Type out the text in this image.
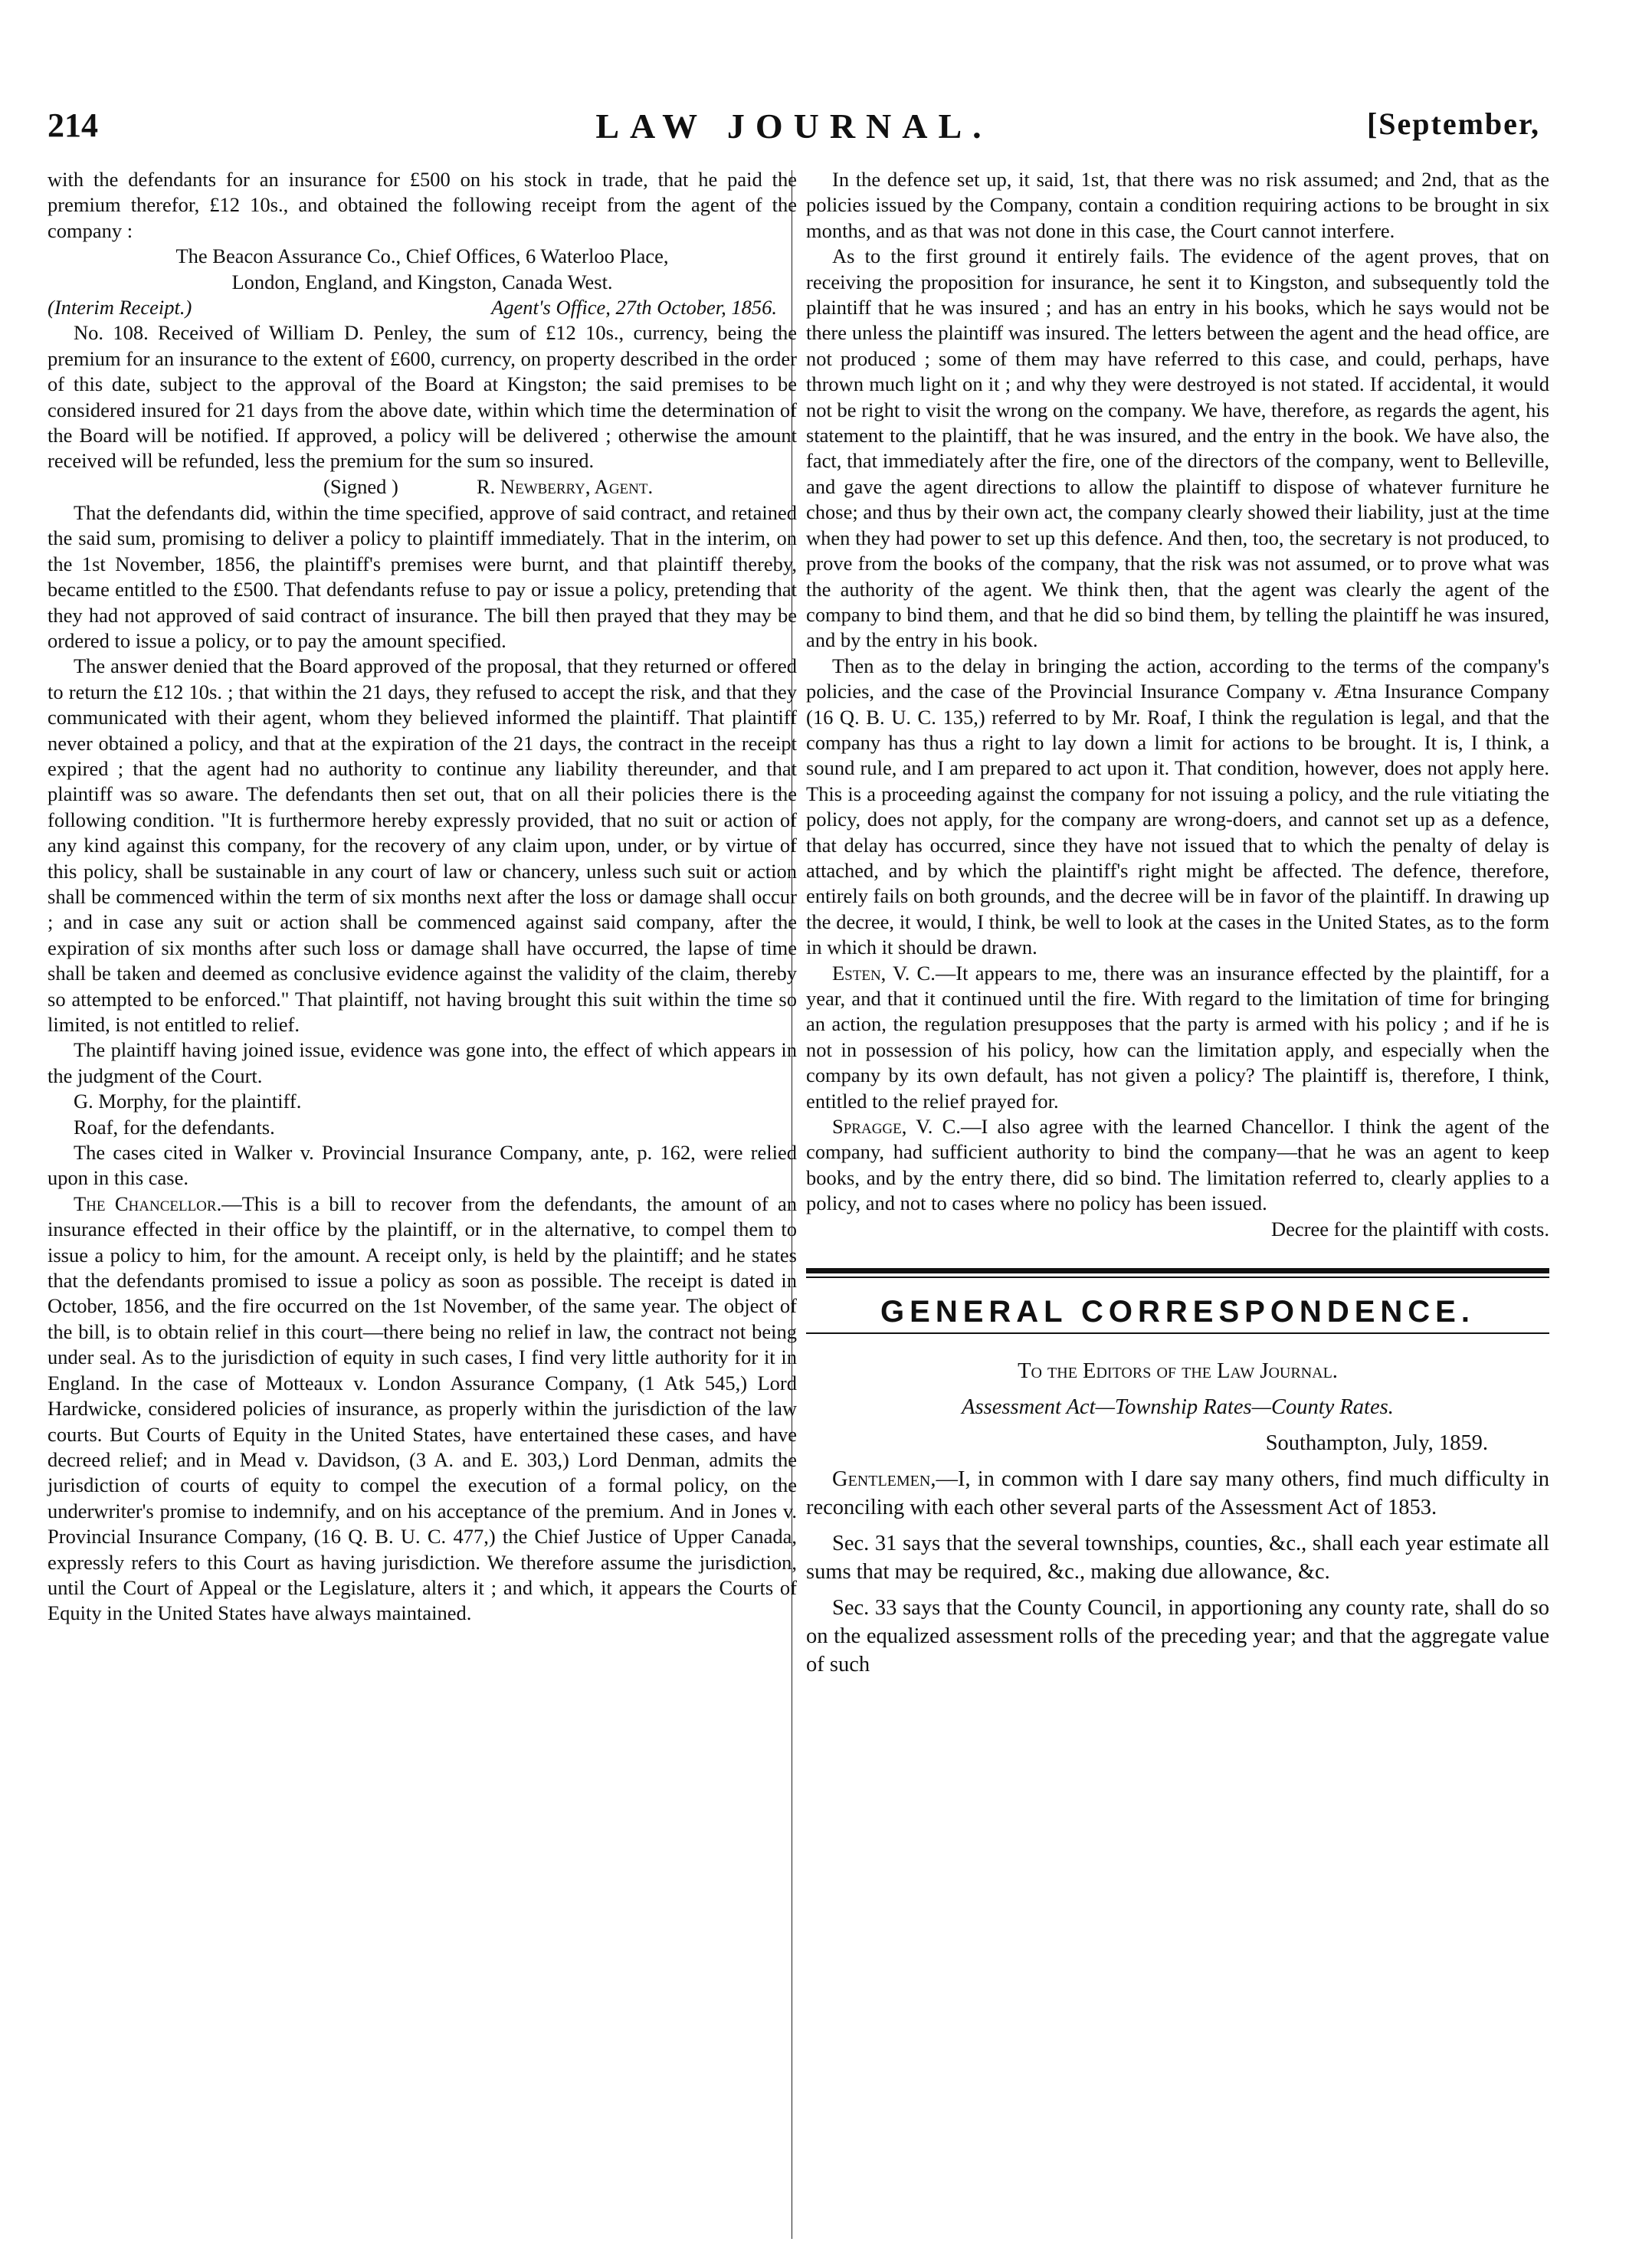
214	LAW JOURNAL.	[September,

with the defendants for an insurance for £500 on his stock in trade, that he paid the premium therefor, £12 10s., and obtained the following receipt from the agent of the company :

The Beacon Assurance Co., Chief Offices, 6 Waterloo Place,

London, England, and Kingston, Canada West.

(Interim Receipt.)	Agent's Office, 27th October, 1856.

No. 108. Received of William D. Penley, the sum of £12 10s., currency, being the premium for an insurance to the extent of £600, currency, on property described in the order of this date, subject to the approval of the Board at Kingston; the said premises to be considered insured for 21 days from the above date, within which time the determination of the Board will be notified. If approved, a policy will be delivered ; otherwise the amount received will be refunded, less the premium for the sum so insured.

(Signed )	R. Newberry, Agent.

That the defendants did, within the time specified, approve of said contract, and retained the said sum, promising to deliver a policy to plaintiff immediately. That in the interim, on the 1st November, 1856, the plaintiff's premises were burnt, and that plaintiff thereby, became entitled to the £500. That defendants refuse to pay or issue a policy, pretending that they had not approved of said contract of insurance. The bill then prayed that they may be ordered to issue a policy, or to pay the amount specified.

The answer denied that the Board approved of the proposal, that they returned or offered to return the £12 10s. ; that within the 21 days, they refused to accept the risk, and that they communicated with their agent, whom they believed informed the plaintiff. That plaintiff never obtained a policy, and that at the expiration of the 21 days, the contract in the receipt expired ; that the agent had no authority to continue any liability thereunder, and that plaintiff was so aware. The defendants then set out, that on all their policies there is the following condition. "It is furthermore hereby expressly provided, that no suit or action of any kind against this company, for the recovery of any claim upon, under, or by virtue of this policy, shall be sustainable in any court of law or chancery, unless such suit or action shall be commenced within the term of six months next after the loss or damage shall occur ; and in case any suit or action shall be commenced against said company, after the expiration of six months after such loss or damage shall have occurred, the lapse of time shall be taken and deemed as conclusive evidence against the validity of the claim, thereby so attempted to be enforced." That plaintiff, not having brought this suit within the time so limited, is not entitled to relief.

The plaintiff having joined issue, evidence was gone into, the effect of which appears in the judgment of the Court.

G. Morphy, for the plaintiff.

Roaf, for the defendants.

The cases cited in Walker v. Provincial Insurance Company, ante, p. 162, were relied upon in this case.

The Chancellor.—This is a bill to recover from the defendants, the amount of an insurance effected in their office by the plaintiff, or in the alternative, to compel them to issue a policy to him, for the amount. A receipt only, is held by the plaintiff; and he states that the defendants promised to issue a policy as soon as possible. The receipt is dated in October, 1856, and the fire occurred on the 1st November, of the same year. The object of the bill, is to obtain relief in this court—there being no relief in law, the contract not being under seal. As to the jurisdiction of equity in such cases, I find very little authority for it in England. In the case of Motteaux v. London Assurance Company, (1 Atk 545,) Lord Hardwicke, considered policies of insurance, as properly within the jurisdiction of the law courts. But Courts of Equity in the United States, have entertained these cases, and have decreed relief; and in Mead v. Davidson, (3 A. and E. 303,) Lord Denman, admits the jurisdiction of courts of equity to compel the execution of a formal policy, on the underwriter's promise to indemnify, and on his acceptance of the premium. And in Jones v. Provincial Insurance Company, (16 Q. B. U. C. 477,) the Chief Justice of Upper Canada, expressly refers to this Court as having jurisdiction. We therefore assume the jurisdiction, until the Court of Appeal or the Legislature, alters it ; and which, it appears the Courts of Equity in the United States have always maintained.

In the defence set up, it said, 1st, that there was no risk assumed; and 2nd, that as the policies issued by the Company, contain a condition requiring actions to be brought in six months, and as that was not done in this case, the Court cannot interfere.

As to the first ground it entirely fails. The evidence of the agent proves, that on receiving the proposition for insurance, he sent it to Kingston, and subsequently told the plaintiff that he was insured ; and has an entry in his books, which he says would not be there unless the plaintiff was insured. The letters between the agent and the head office, are not produced ; some of them may have referred to this case, and could, perhaps, have thrown much light on it ; and why they were destroyed is not stated. If accidental, it would not be right to visit the wrong on the company. We have, therefore, as regards the agent, his statement to the plaintiff, that he was insured, and the entry in the book. We have also, the fact, that immediately after the fire, one of the directors of the company, went to Belleville, and gave the agent directions to allow the plaintiff to dispose of whatever furniture he chose; and thus by their own act, the company clearly showed their liability, just at the time when they had power to set up this defence. And then, too, the secretary is not produced, to prove from the books of the company, that the risk was not assumed, or to prove what was the authority of the agent. We think then, that the agent was clearly the agent of the company to bind them, and that he did so bind them, by telling the plaintiff he was insured, and by the entry in his book.

Then as to the delay in bringing the action, according to the terms of the company's policies, and the case of the Provincial Insurance Company v. Ætna Insurance Company (16 Q. B. U. C. 135,) referred to by Mr. Roaf, I think the regulation is legal, and that the company has thus a right to lay down a limit for actions to be brought. It is, I think, a sound rule, and I am prepared to act upon it. That condition, however, does not apply here. This is a proceeding against the company for not issuing a policy, and the rule vitiating the policy, does not apply, for the company are wrong-doers, and cannot set up as a defence, that delay has occurred, since they have not issued that to which the penalty of delay is attached, and by which the plaintiff's right might be affected. The defence, therefore, entirely fails on both grounds, and the decree will be in favor of the plaintiff. In drawing up the decree, it would, I think, be well to look at the cases in the United States, as to the form in which it should be drawn.

Esten, V. C.—It appears to me, there was an insurance effected by the plaintiff, for a year, and that it continued until the fire. With regard to the limitation of time for bringing an action, the regulation presupposes that the party is armed with his policy ; and if he is not in possession of his policy, how can the limitation apply, and especially when the company by its own default, has not given a policy? The plaintiff is, therefore, I think, entitled to the relief prayed for.

Spragge, V. C.—I also agree with the learned Chancellor. I think the agent of the company, had sufficient authority to bind the company—that he was an agent to keep books, and by the entry there, did so bind. The limitation referred to, clearly applies to a policy, and not to cases where no policy has been issued.

Decree for the plaintiff with costs.

GENERAL CORRESPONDENCE.

To the Editors of the Law Journal.

Assessment Act—Township Rates—County Rates.

Southampton, July, 1859.

Gentlemen,—I, in common with I dare say many others, find much difficulty in reconciling with each other several parts of the Assessment Act of 1853.

Sec. 31 says that the several townships, counties, &c., shall each year estimate all sums that may be required, &c., making due allowance, &c.

Sec. 33 says that the County Council, in apportioning any county rate, shall do so on the equalized assessment rolls of the preceding year; and that the aggregate value of such
